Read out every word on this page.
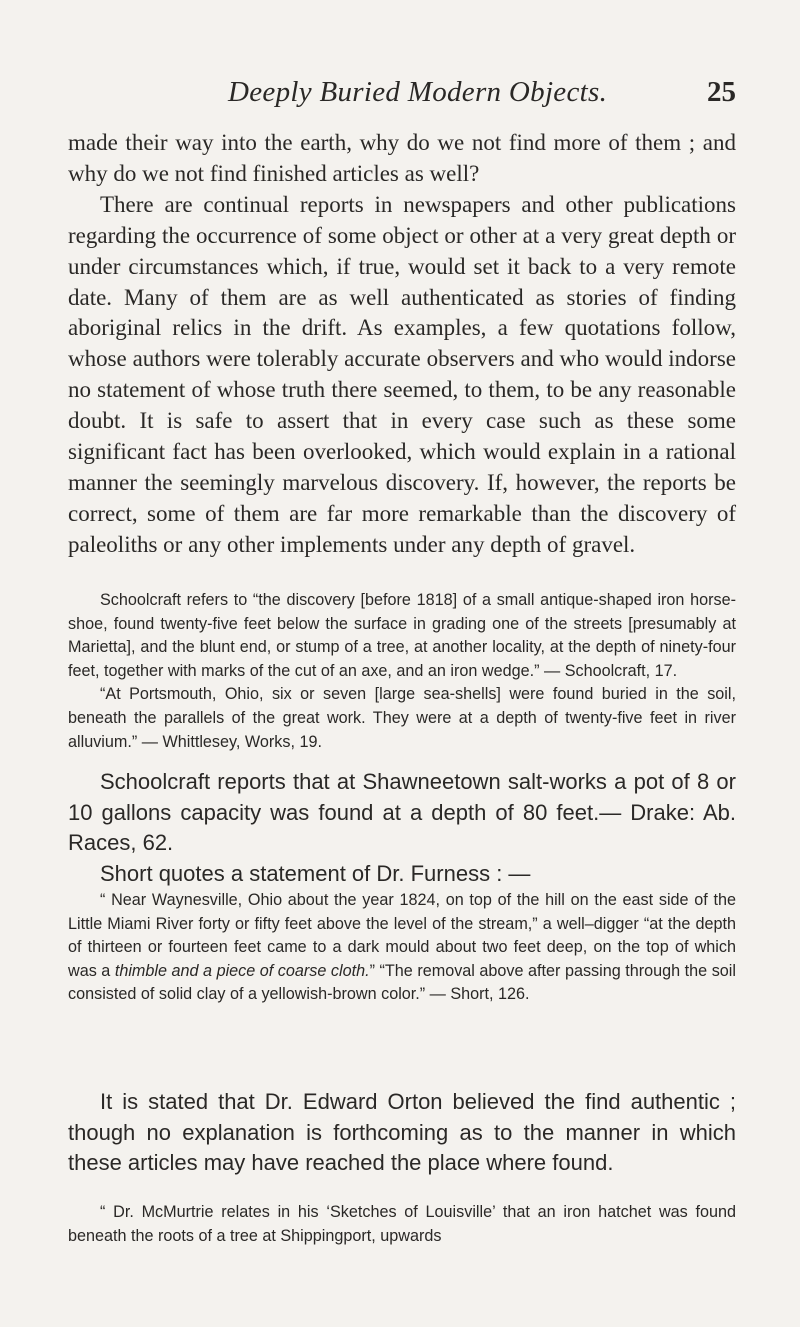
Deeply Buried Modern Objects.	25

made their way into the earth, why do we not find more of them ; and why do we not find finished articles as well?

There are continual reports in newspapers and other publications regarding the occurrence of some object or other at a very great depth or under circumstances which, if true, would set it back to a very remote date. Many of them are as well authenticated as stories of finding aboriginal relics in the drift. As examples, a few quotations follow, whose authors were tolerably accurate observers and who would indorse no statement of whose truth there seemed, to them, to be any reasonable doubt. It is safe to assert that in every case such as these some significant fact has been overlooked, which would explain in a rational manner the seemingly marvelous discovery. If, however, the reports be correct, some of them are far more remarkable than the discovery of paleoliths or any other implements under any depth of gravel.

Schoolcraft refers to “the discovery [before 1818] of a small antique-shaped iron horse-shoe, found twenty-five feet below the surface in grading one of the streets [presumably at Marietta], and the blunt end, or stump of a tree, at another locality, at the depth of ninety-four feet, together with marks of the cut of an axe, and an iron wedge.” — Schoolcraft, 17.

“At Portsmouth, Ohio, six or seven [large sea-shells] were found buried in the soil, beneath the parallels of the great work. They were at a depth of twenty-five feet in river alluvium.” — Whittlesey, Works, 19.

Schoolcraft reports that at Shawneetown salt-works a pot of 8 or 10 gallons capacity was found at a depth of 80 feet.— Drake: Ab. Races, 62.

Short quotes a statement of Dr. Furness : —

“ Near Waynesville, Ohio about the year 1824, on top of the hill on the east side of the Little Miami River forty or fifty feet above the level of the stream,” a well–digger “at the depth of thirteen or fourteen feet came to a dark mould about two feet deep, on the top of which was a thimble and a piece of coarse cloth.” “The removal above after passing through the soil consisted of solid clay of a yellowish-brown color.” — Short, 126.

It is stated that Dr. Edward Orton believed the find authentic ; though no explanation is forthcoming as to the manner in which these articles may have reached the place where found.

“ Dr. McMurtrie relates in his ‘Sketches of Louisville’ that an iron hatchet was found beneath the roots of a tree at Shippingport, upwards
